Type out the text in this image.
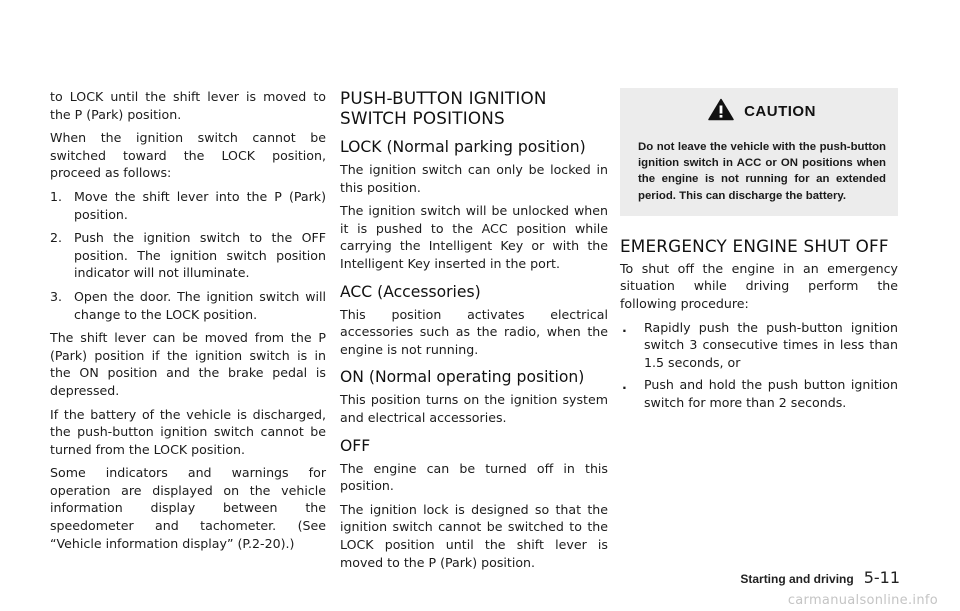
to LOCK until the shift lever is moved to the P (Park) position.

When the ignition switch cannot be switched toward the LOCK position, proceed as follows:

1. Move the shift lever into the P (Park) position.
2. Push the ignition switch to the OFF position. The ignition switch position indicator will not illuminate.
3. Open the door. The ignition switch will change to the LOCK position.

The shift lever can be moved from the P (Park) position if the ignition switch is in the ON position and the brake pedal is depressed.

If the battery of the vehicle is discharged, the push-button ignition switch cannot be turned from the LOCK position.

Some indicators and warnings for operation are displayed on the vehicle information display between the speedometer and tachometer. (See “Vehicle information display” (P.2-20).)

PUSH-BUTTON IGNITION SWITCH POSITIONS
LOCK (Normal parking position)

The ignition switch can only be locked in this position.

The ignition switch will be unlocked when it is pushed to the ACC position while carrying the Intelligent Key or with the Intelligent Key inserted in the port.

ACC (Accessories)

This position activates electrical accessories such as the radio, when the engine is not running.

ON (Normal operating position)

This position turns on the ignition system and electrical accessories.

OFF

The engine can be turned off in this position.

The ignition lock is designed so that the ignition switch cannot be switched to the LOCK position until the shift lever is moved to the P (Park) position.

CAUTION
Do not leave the vehicle with the push-button ignition switch in ACC or ON positions when the engine is not running for an extended period. This can discharge the battery.
EMERGENCY ENGINE SHUT OFF

To shut off the engine in an emergency situation while driving perform the following procedure:

.	Rapidly push the push-button ignition switch 3 consecutive times in less than 1.5 seconds, or
.	Push and hold the push button ignition switch for more than 2 seconds.
Starting and driving 5-11
carmanualsonline.info
